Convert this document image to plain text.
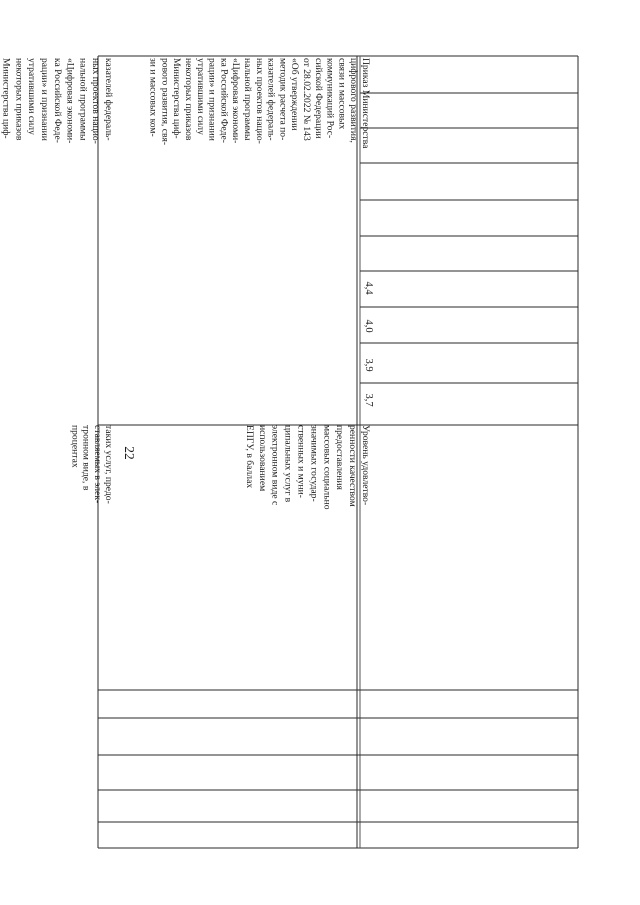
22
таких услуг, предо-ставляемых в элек-тронном виде, впроцентах
казателей федераль-ных проектов нацио-нальной программы«Цифровая экономи-ка Российской Феде-рации» и признанииутратившими силунекоторых приказовМинистерства циф-
Уровень удовлетво-ренности качествомпредоставлениямассовых социальнозначимых государ-ственных и муни-ципальных услуг вэлектронном виде сиспользованиемЕПГУ, в баллах
Приказ Министерствацифрового развития,связи и массовыхкоммуникаций Рос-сийской Федерацииот 28.02.2022 № 143«Об утвержденииметодик расчета по-казателей федераль-ных проектов нацио-нальной программы«Цифровая экономи-ка Российской Феде-рации» и признанииутратившими силунекоторых приказовМинистерства циф-рового развития, свя-зи и массовых ком-
3,7
3,9
4,0
4,4
